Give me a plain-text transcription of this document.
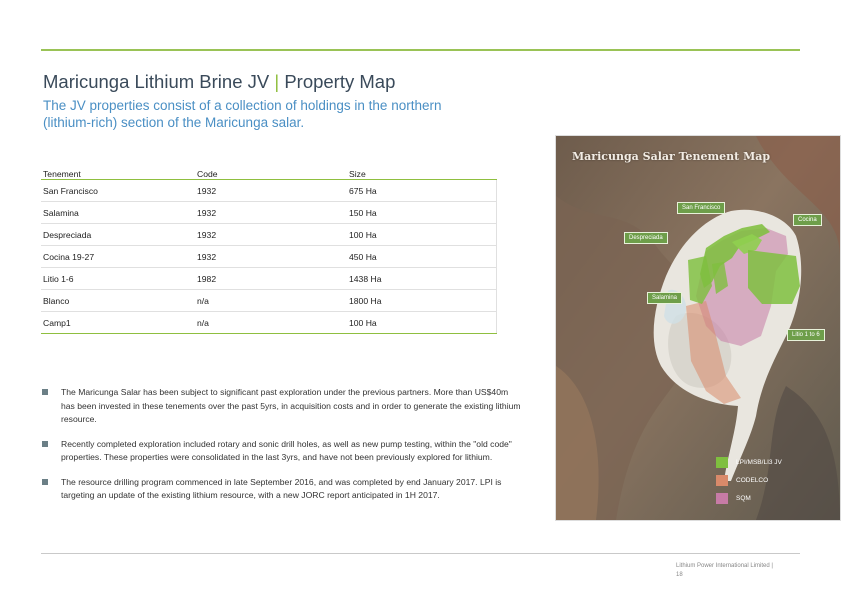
Maricunga Lithium Brine JV | Property Map
The JV properties consist of a collection of holdings in the northern (lithium-rich) section of the Maricunga salar.
Tenement	Code	Size
San Francisco	1932	675 Ha
Salamina	1932	150 Ha
Despreciada	1932	100 Ha
Cocina 19-27	1932	450 Ha
Litio 1-6	1982	1438 Ha
Blanco	n/a	1800 Ha
Camp1	n/a	100 Ha
The Maricunga Salar has been subject to significant past exploration under the previous partners. More than US$40m has been invested in these tenements over the past 5yrs, in acquisition costs and in order to generate the existing lithium resource.
Recently completed exploration included rotary and sonic drill holes, as well as new pump testing, within the "old code" properties. These properties were consolidated in the last 3yrs, and have not been previously explored for lithium.
The resource drilling program commenced in late September 2016, and was completed by end January 2017. LPI is targeting an update of the existing lithium resource, with a new JORC report anticipated in 1H 2017.
Maricunga Salar Tenement Map
San Francisco
Cocina
Despreciada
Salamina
Litio 1 to 6
LPI/MSB/LI3 JV
CODELCO
SQM
Lithium Power International Limited |
18
